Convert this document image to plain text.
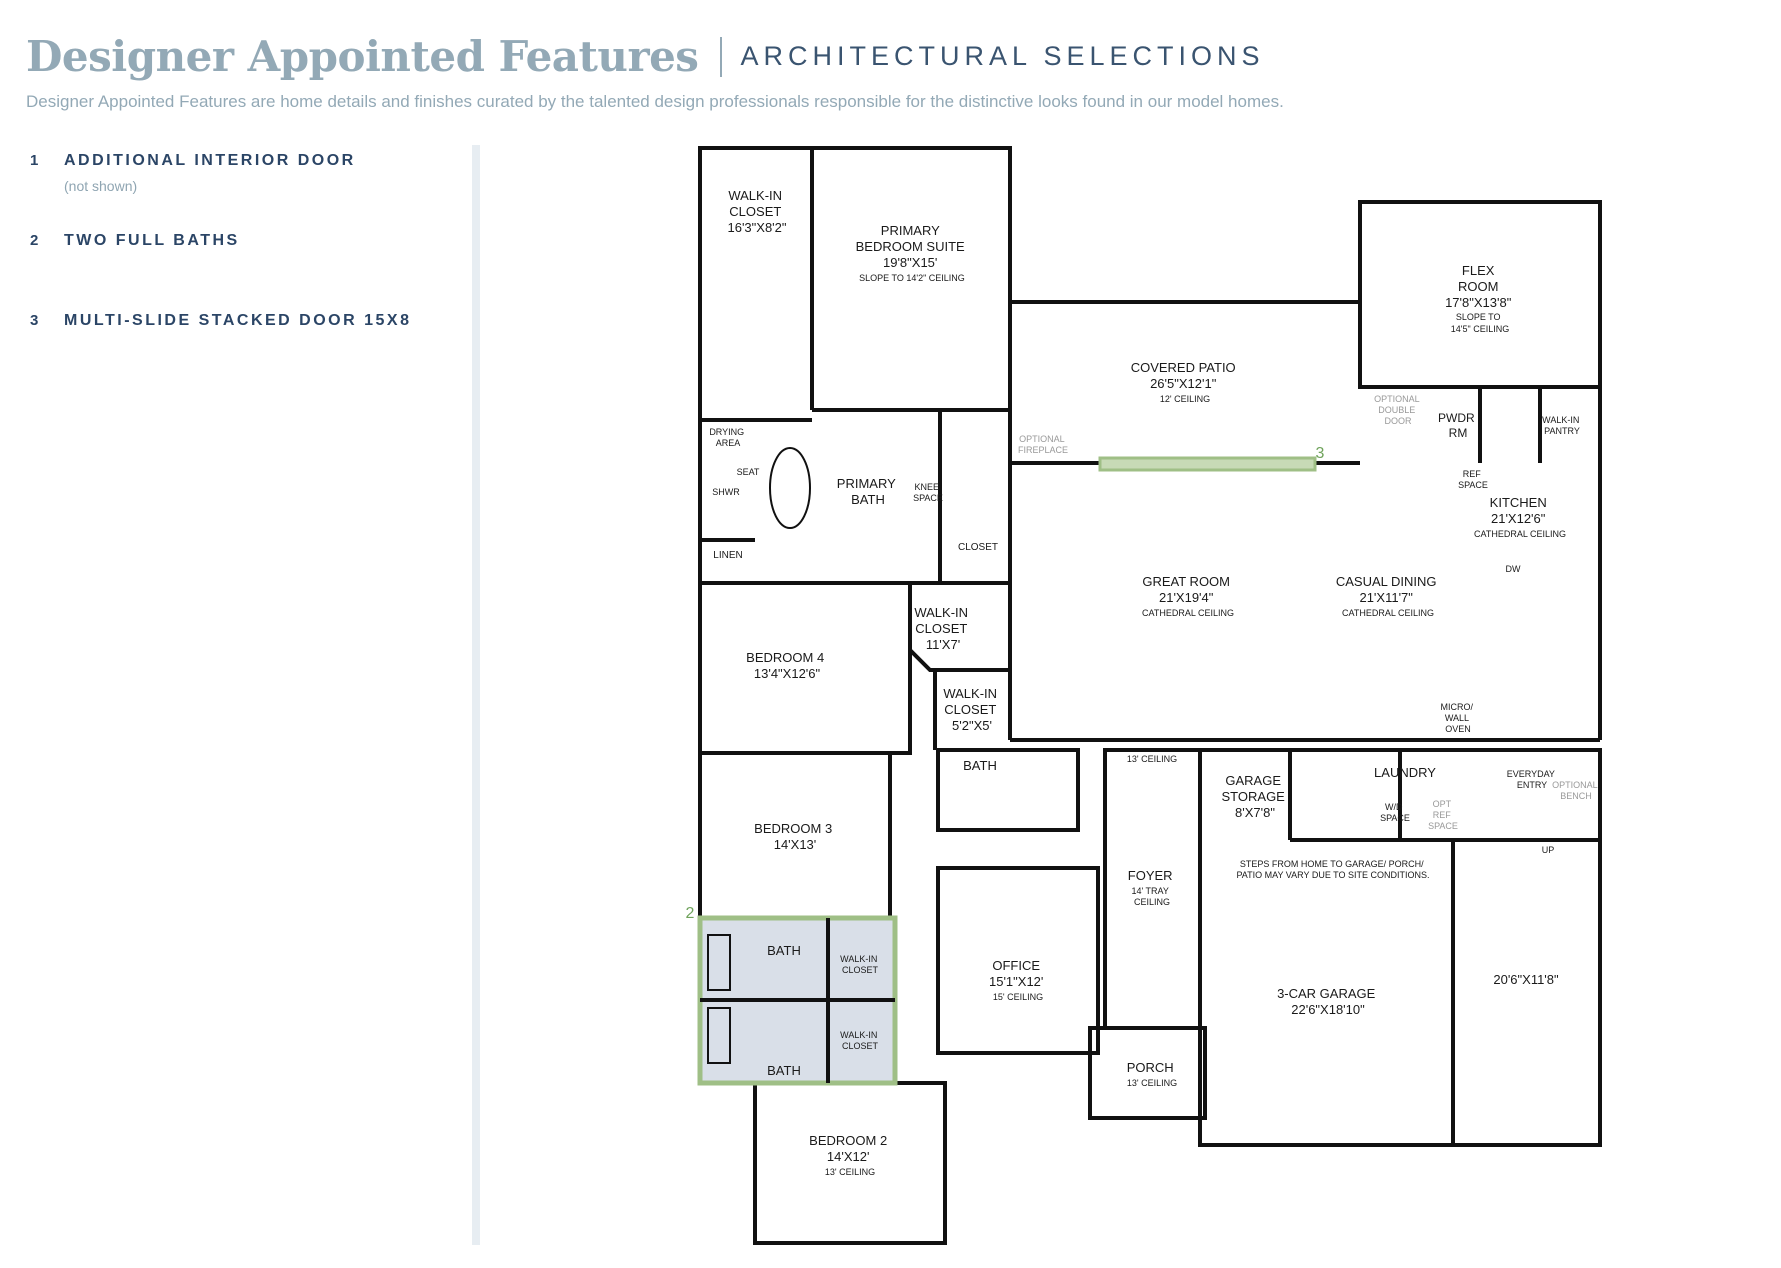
Designer Appointed Features ARCHITECTURAL SELECTIONS
Designer Appointed Features are home details and finishes curated by the talented design professionals responsible for the distinctive looks found in our model homes.
1 ADDITIONAL INTERIOR DOOR
(not shown)
2 TWO FULL BATHS
3 MULTI-SLIDE STACKED DOOR 15X8
2
3
WALK-IN CLOSET 16'3"X8'2"	PRIMARY BEDROOM SUITE 19'8"X15' SLOPE TO 14'2" CEILING
COVERED PATIO 26'5"X12'1" 12' CEILING
FLEX ROOM 17'8"X13'8" SLOPE TO 14'5" CEILING
OPTIONAL DOUBLE DOOR	PWDR RM
WALK-IN PANTRY
OPTIONAL FIREPLACE
DRYING AREA
SEAT
SHWR
PRIMARY BATH
KNEE SPACE
LINEN
CLOSET
REF SPACE
KITCHEN 21'X12'6" CATHEDRAL CEILING
DW
GREAT ROOM 21'X19'4" CATHEDRAL CEILING
CASUAL DINING 21'X11'7" CATHEDRAL CEILING
BEDROOM 4 13'4"X12'6"
WALK-IN CLOSET 11'X7'
WALK-IN CLOSET 5'2"X5'
MICRO/ WALL OVEN
BATH	13' CEILING
GARAGE STORAGE 8'X7'8"
LAUNDRY
W/D SPACE
OPT REF SPACE
EVERYDAY ENTRY OPTIONAL BENCH
UP
BEDROOM 3 14'X13'
STEPS FROM HOME TO GARAGE/ PORCH/ PATIO MAY VARY DUE TO SITE CONDITIONS.
FOYER 14' TRAY CEILING
BATH
BATH
WALK-IN CLOSET
WALK-IN CLOSET
OFFICE 15'1"X12' 15' CEILING	3-CAR GARAGE 22'6"X18'10"
20'6"X11'8"
PORCH 13' CEILING
BEDROOM 2 14'X12' 13' CEILING
